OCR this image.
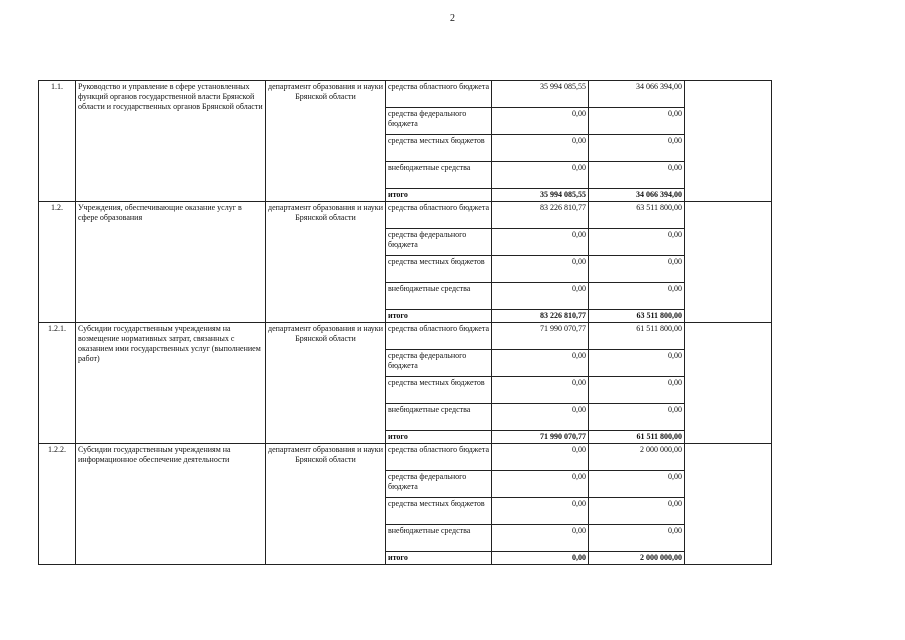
2
1.1.	Руководство и управление в сфере установленных функций органов государственной власти Брянской области и государственных органов Брянской области	департамент образования и науки Брянской области	средства областного бюджета	35 994 085,55	34 066 394,00	
			средства федерального бюджета	0,00	0,00	
			средства местных бюджетов	0,00	0,00	
			внебюджетные средства	0,00	0,00	
			итого	35 994 085,55	34 066 394,00	
1.2.	Учреждения, обеспечивающие оказание услуг в сфере образования	департамент образования и науки Брянской области	средства областного бюджета	83 226 810,77	63 511 800,00	
			средства федерального бюджета	0,00	0,00	
			средства местных бюджетов	0,00	0,00	
			внебюджетные средства	0,00	0,00	
			итого	83 226 810,77	63 511 800,00	
1.2.1.	Субсидии государственным учреждениям на возмещение нормативных затрат, связанных с оказанием ими государственных услуг (выполнением работ)	департамент образования и науки Брянской области	средства областного бюджета	71 990 070,77	61 511 800,00	
			средства федерального бюджета	0,00	0,00	
			средства местных бюджетов	0,00	0,00	
			внебюджетные средства	0,00	0,00	
			итого	71 990 070,77	61 511 800,00	
1.2.2.	Субсидии государственным учреждениям на информационное обеспечение деятельности	департамент образования и науки Брянской области	средства областного бюджета	0,00	2 000 000,00	
			средства федерального бюджета	0,00	0,00	
			средства местных бюджетов	0,00	0,00	
			внебюджетные средства	0,00	0,00	
			итого	0,00	2 000 000,00	
